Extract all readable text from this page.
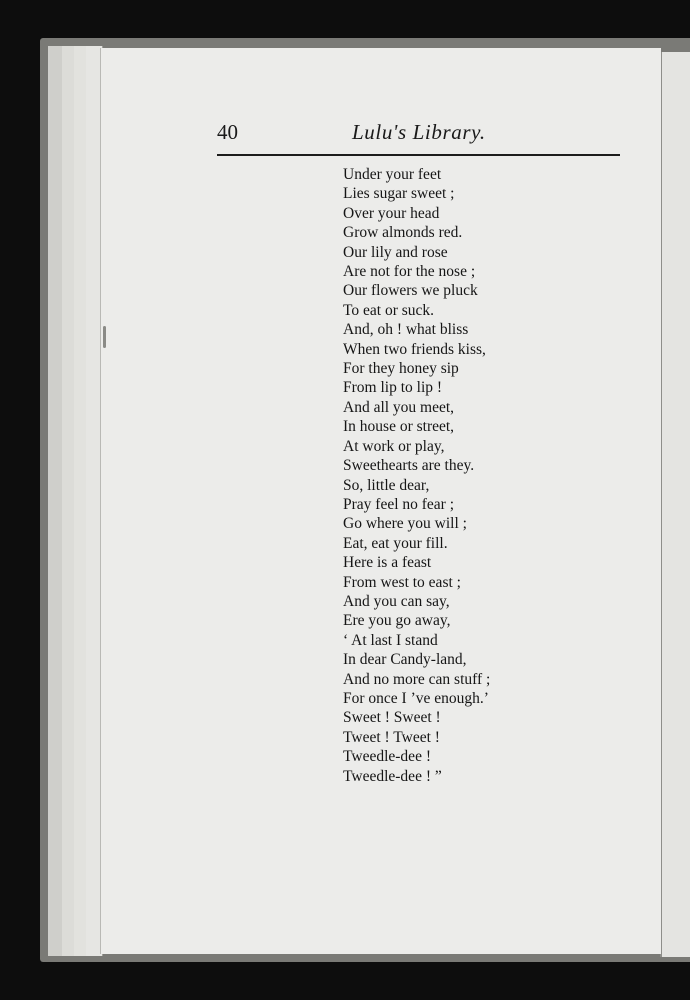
40	Lulu's Library.
Under your feet
Lies sugar sweet ;
Over your head
Grow almonds red.
Our lily and rose
Are not for the nose ;
Our flowers we pluck
To eat or suck.
And, oh ! what bliss
When two friends kiss,
For they honey sip
From lip to lip !
And all you meet,
In house or street,
At work or play,
Sweethearts are they.
So, little dear,
Pray feel no fear ;
Go where you will ;
Eat, eat your fill.
Here is a feast
From west to east ;
And you can say,
Ere you go away,
‘ At last I stand
In dear Candy-land,
And no more can stuff ;
For once I ’ve enough.’
Sweet ! Sweet !
Tweet ! Tweet !
Tweedle-dee !
Tweedle-dee ! ”
